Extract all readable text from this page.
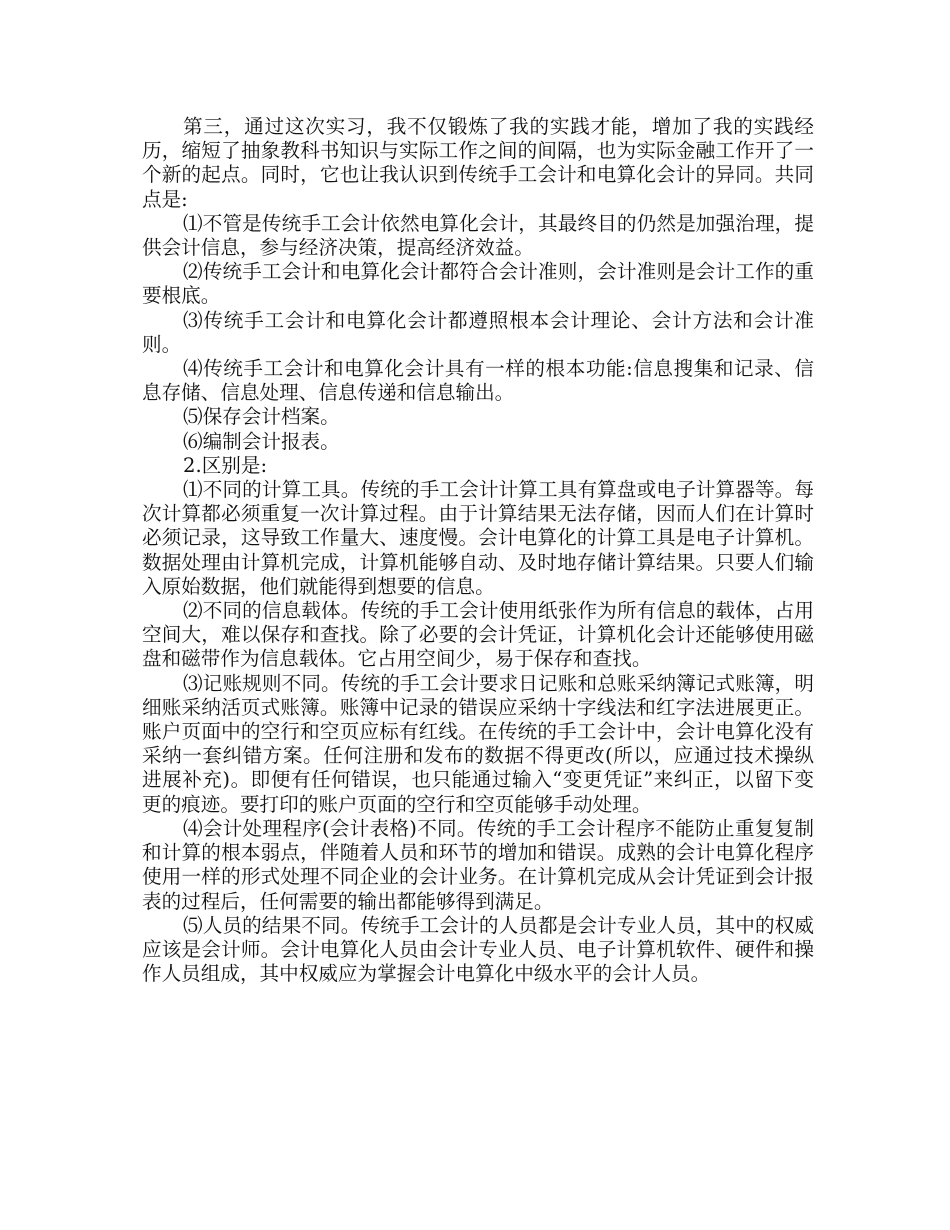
第三，通过这次实习，我不仅锻炼了我的实践才能，增加了我的实践经历，缩短了抽象教科书知识与实际工作之间的间隔，也为实际金融工作开了一个新的起点。同时，它也让我认识到传统手工会计和电算化会计的异同。共同点是:

⑴不管是传统手工会计依然电算化会计，其最终目的仍然是加强治理，提供会计信息，参与经济决策，提高经济效益。

⑵传统手工会计和电算化会计都符合会计准则，会计准则是会计工作的重要根底。

⑶传统手工会计和电算化会计都遵照根本会计理论、会计方法和会计准则。

⑷传统手工会计和电算化会计具有一样的根本功能:信息搜集和记录、信息存储、信息处理、信息传递和信息输出。

⑸保存会计档案。

⑹编制会计报表。

2.区别是:

⑴不同的计算工具。传统的手工会计计算工具有算盘或电子计算器等。每次计算都必须重复一次计算过程。由于计算结果无法存储，因而人们在计算时必须记录，这导致工作量大、速度慢。会计电算化的计算工具是电子计算机。数据处理由计算机完成，计算机能够自动、及时地存储计算结果。只要人们输入原始数据，他们就能得到想要的信息。

⑵不同的信息载体。传统的手工会计使用纸张作为所有信息的载体，占用空间大，难以保存和查找。除了必要的会计凭证，计算机化会计还能够使用磁盘和磁带作为信息载体。它占用空间少，易于保存和查找。

⑶记账规则不同。传统的手工会计要求日记账和总账采纳簿记式账簿，明细账采纳活页式账簿。账簿中记录的错误应采纳十字线法和红字法进展更正。账户页面中的空行和空页应标有红线。在传统的手工会计中，会计电算化没有采纳一套纠错方案。任何注册和发布的数据不得更改(所以，应通过技术操纵进展补充)。即便有任何错误，也只能通过输入“变更凭证”来纠正，以留下变更的痕迹。要打印的账户页面的空行和空页能够手动处理。

⑷会计处理程序(会计表格)不同。传统的手工会计程序不能防止重复复制和计算的根本弱点，伴随着人员和环节的增加和错误。成熟的会计电算化程序使用一样的形式处理不同企业的会计业务。在计算机完成从会计凭证到会计报表的过程后，任何需要的输出都能够得到满足。

⑸人员的结果不同。传统手工会计的人员都是会计专业人员，其中的权威应该是会计师。会计电算化人员由会计专业人员、电子计算机软件、硬件和操作人员组成，其中权威应为掌握会计电算化中级水平的会计人员。
